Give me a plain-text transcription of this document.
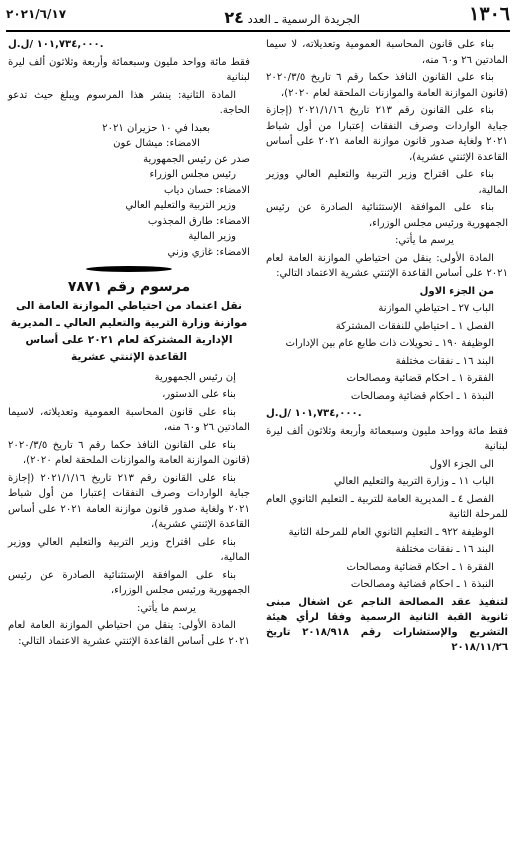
١٣٠٦
الجريدة الرسمية ـ العدد ٢٤
٢٠٢١/٦/١٧

بناء على قانون المحاسبة العمومية وتعديلاته، لا سيما المادتين ٢٦ و٦٠ منه،

بناء على القانون النافذ حكما رقم ٦ تاريخ ٢٠٢٠/٣/٥ (قانون الموازنة العامة والموازنات الملحقة لعام ٢٠٢٠)،

بناء على القانون رقم ٢١٣ تاريخ ٢٠٢١/١/١٦ (إجازة جباية الواردات وصرف النفقات إعتبارا من أول شباط ٢٠٢١ ولغاية صدور قانون موازنة العامة ٢٠٢١ على أساس القاعدة الإثنتي عشرية)،

بناء على اقتراح وزير التربية والتعليم العالي ووزير المالية،

بناء على الموافقة الإستثنائية الصادرة عن رئيس الجمهورية ورئيس مجلس الوزراء،

يرسم ما يأتي:

المادة الأولى: ينقل من احتياطي الموازنة العامة لعام ٢٠٢١ على أساس القاعدة الإثنتي عشرية الاعتماد التالي:

من الجزء الاول

الباب ٢٧ ـ احتياطي الموازنة

الفصل ١ ـ احتياطي للنفقات المشتركة

الوظيفة ١٩٠ ـ تحويلات ذات طابع عام بين الإدارات

البند ١٦ ـ نفقات مختلفة

الفقرة ١ ـ احكام قضائية ومصالحات

النبذة ١ ـ احكام قضائية ومصالحات

١٠١,٧٣٤,٠٠٠ /ل.ل.

فقط مائة وواحد مليون وسبعمائة وأربعة وثلاثون ألف ليرة لبنانية

الى الجزء الاول

الباب ١١ ـ وزارة التربية والتعليم العالي

الفصل ٤ ـ المديرية العامة للتربية ـ التعليم الثانوي العام للمرحلة الثانية

الوظيفة ٩٢٢ ـ التعليم الثانوي العام للمرحلة الثانية

البند ١٦ ـ نفقات مختلفة

الفقرة ١ ـ احكام قضائية ومصالحات

النبذة ١ ـ احكام قضائية ومصالحات

لتنفيذ عقد المصالحة الناجم عن اشغال مبنى ثانوية القبة الثانية الرسمية وفقا لرأي هيئة التشريع والإستشارات رقم ٢٠١٨/٩١٨ تاريخ ٢٠١٨/١١/٢٦

١٠١,٧٣٤,٠٠٠ /ل.ل.

فقط مائة وواحد مليون وسبعمائة وأربعة وثلاثون ألف ليرة لبنانية

المادة الثانية: ينشر هذا المرسوم ويبلغ حيث تدعو الحاجة.

بعبدا في ١٠ حزيران ٢٠٢١

الامضاء: ميشال عون

صدر عن رئيس الجمهورية

رئيس مجلس الوزراء

الامضاء: حسان دياب

وزير التربية والتعليم العالي

الامضاء: طارق المجذوب

وزير المالية

الامضاء: غازي وزني

مرسوم رقم ٧٨٧١
نقل اعتماد من احتياطي الموازنة العامة الى موازنة وزارة التربية والتعليم العالي ـ المديرية الإدارية المشتركة لعام ٢٠٢١ على أساس القاعدة الإثنتي عشرية

إن رئيس الجمهورية

بناء على الدستور،

بناء على قانون المحاسبة العمومية وتعديلاته، لاسيما المادتين ٢٦ و٦٠ منه،

بناء على القانون النافذ حكما رقم ٦ تاريخ ٢٠٢٠/٣/٥ (قانون الموازنة العامة والموازنات الملحقة لعام ٢٠٢٠)،

بناء على القانون رقم ٢١٣ تاريخ ٢٠٢١/١/١٦ (إجازة جباية الواردات وصرف النفقات إعتبارا من أول شباط ٢٠٢١ ولغاية صدور قانون موازنة العامة ٢٠٢١ على أساس القاعدة الإثنتي عشرية)،

بناء على اقتراح وزير التربية والتعليم العالي ووزير المالية،

بناء على الموافقة الإستثنائية الصادرة عن رئيس الجمهورية ورئيس مجلس الوزراء،

يرسم ما يأتي:

المادة الأولى: ينقل من احتياطي الموازنة العامة لعام ٢٠٢١ على أساس القاعدة الإثنتي عشرية الاعتماد التالي:
